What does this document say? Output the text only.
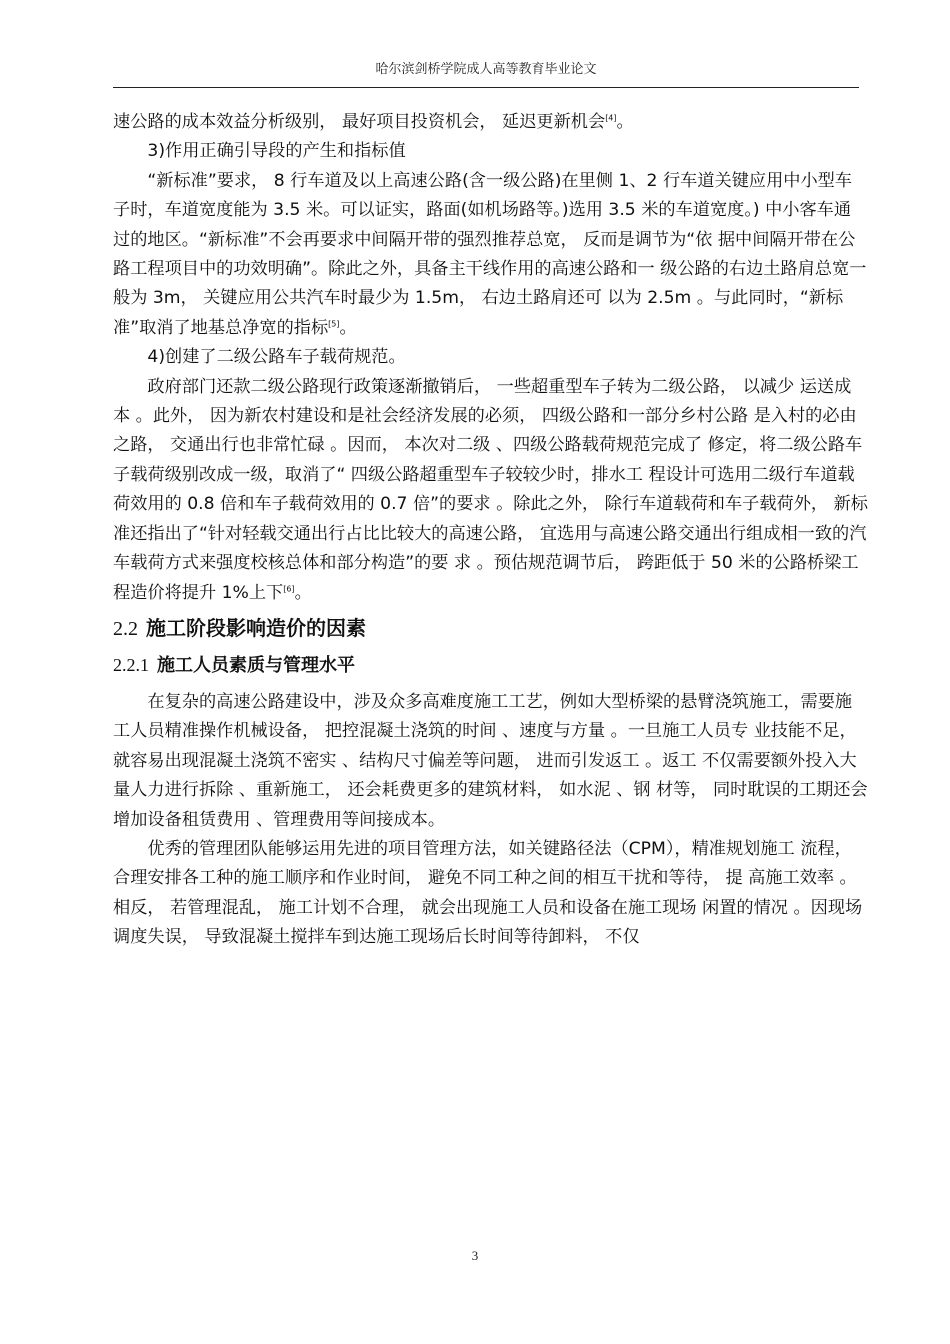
哈尔滨剑桥学院成人高等教育毕业论文

速公路的成本效益分析级别， 最好项目投资机会， 延迟更新机会[4]。

3)作用正确引导段的产生和指标值

“新标准”要求， 8 行车道及以上高速公路(含一级公路)在里侧 1、2 行车道关键应用中小型车子时，车道宽度能为 3.5 米。可以证实，路面(如机场路等。)选用 3.5 米的车道宽度。) 中小客车通过的地区。“新标准”不会再要求中间隔开带的强烈推荐总宽， 反而是调节为“依 据中间隔开带在公路工程项目中的功效明确”。除此之外，具备主干线作用的高速公路和一 级公路的右边土路肩总宽一般为 3m， 关键应用公共汽车时最少为 1.5m， 右边土路肩还可 以为 2.5m 。与此同时，“新标准”取消了地基总净宽的指标[5]。

4)创建了二级公路车子载荷规范。

政府部门还款二级公路现行政策逐渐撤销后， 一些超重型车子转为二级公路， 以减少 运送成本 。此外， 因为新农村建设和是社会经济发展的必须， 四级公路和一部分乡村公路 是入村的必由之路， 交通出行也非常忙碌 。因而， 本次对二级 、四级公路载荷规范完成了 修定，将二级公路车子载荷级别改成一级，取消了“ 四级公路超重型车子较较少时，排水工 程设计可选用二级行车道载荷效用的 0.8 倍和车子载荷效用的 0.7 倍”的要求 。除此之外， 除行车道载荷和车子载荷外， 新标准还指出了“针对轻载交通出行占比比较大的高速公路， 宜选用与高速公路交通出行组成相一致的汽车载荷方式来强度校核总体和部分构造”的要 求 。预估规范调节后， 跨距低于 50 米的公路桥梁工程造价将提升 1%上下[6]。

2.2 施工阶段影响造价的因素
2.2.1 施工人员素质与管理水平

在复杂的高速公路建设中，涉及众多高难度施工工艺，例如大型桥梁的悬臂浇筑施工，需要施工人员精准操作机械设备， 把控混凝土浇筑的时间 、速度与方量 。一旦施工人员专 业技能不足， 就容易出现混凝土浇筑不密实 、结构尺寸偏差等问题， 进而引发返工 。返工 不仅需要额外投入大量人力进行拆除 、重新施工， 还会耗费更多的建筑材料， 如水泥 、钢 材等， 同时耽误的工期还会增加设备租赁费用 、管理费用等间接成本。

优秀的管理团队能够运用先进的项目管理方法，如关键路径法（CPM），精准规划施工 流程， 合理安排各工种的施工顺序和作业时间， 避免不同工种之间的相互干扰和等待， 提 高施工效率 。相反， 若管理混乱， 施工计划不合理， 就会出现施工人员和设备在施工现场 闲置的情况 。因现场调度失误， 导致混凝土搅拌车到达施工现场后长时间等待卸料， 不仅

3
